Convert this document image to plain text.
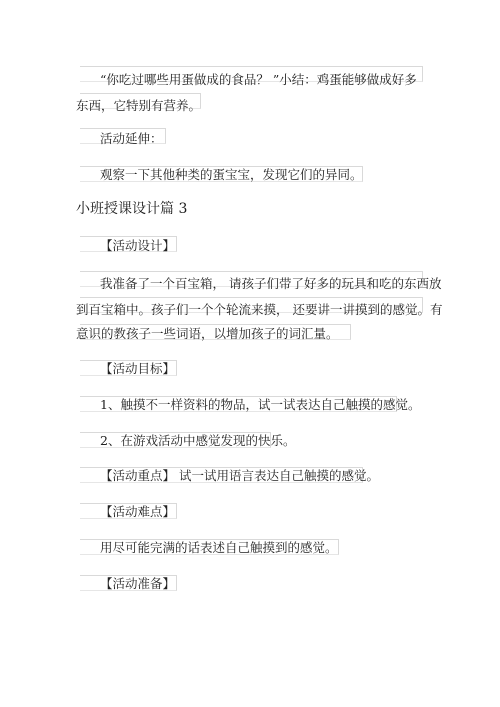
“你吃过哪些用蛋做成的食品？ ”小结：鸡蛋能够做成好多
东西，它特别有营养。
活动延伸：
观察一下其他种类的蛋宝宝，发现它们的异同。
小班授课设计篇 3
【活动设计】
我准备了一个百宝箱， 请孩子们带了好多的玩具和吃的东西放
到百宝箱中。孩子们一个个轮流来摸， 还要讲一讲摸到的感觉。有
意识的教孩子一些词语，以增加孩子的词汇量。
【活动目标】
1、触摸不一样资料的物品，试一试表达自己触摸的感觉。
2、在游戏活动中感觉发现的快乐。
【活动重点】 试一试用语言表达自己触摸的感觉。
【活动难点】
用尽可能完满的话表述自己触摸到的感觉。
【活动准备】
